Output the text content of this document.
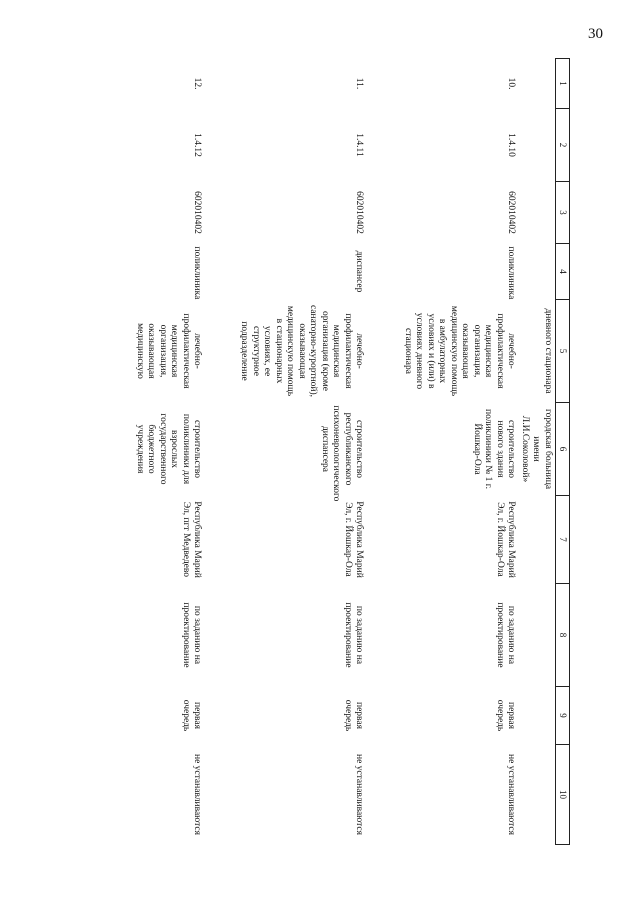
30
1	2	3	4	5	6	7	8	9	10
				дневного стационара	городская больница имени Л.И.Соколовой»				
10.	1.4.10	602010402	поликлиника	лечебно-профилактическая медицинская организация, оказывающая медицинскую помощь в амбулаторных условиях и (или) в условиях дневного стационара	строительство нового здания поликлиники № 1 г. Йошкар-Ола	Республика Марий Эл, г. Йошкар-Ола	по заданию на проектирование	первая очередь	не устанавливаются
11.	1.4.11	602010402	диспансер	лечебно-профилактическая медицинская организация (кроме санаторно-курортной), оказывающая медицинскую помощь в стационарных условиях, ее структурное подразделение	строительство республиканского психоневрологического диспансера	Республика Марий Эл, г. Йошкар-Ола	по заданию на проектирование	первая очередь	не устанавливаются
12.	1.4.12	602010402	поликлиника	лечебно-профилактическая медицинская организация, оказывающая медицинскую	строительство поликлиники для взрослых государственного бюджетного учреждения	Республика Марий Эл, пгт Медведево	по заданию на проектирование	первая очередь	не устанавливаются
